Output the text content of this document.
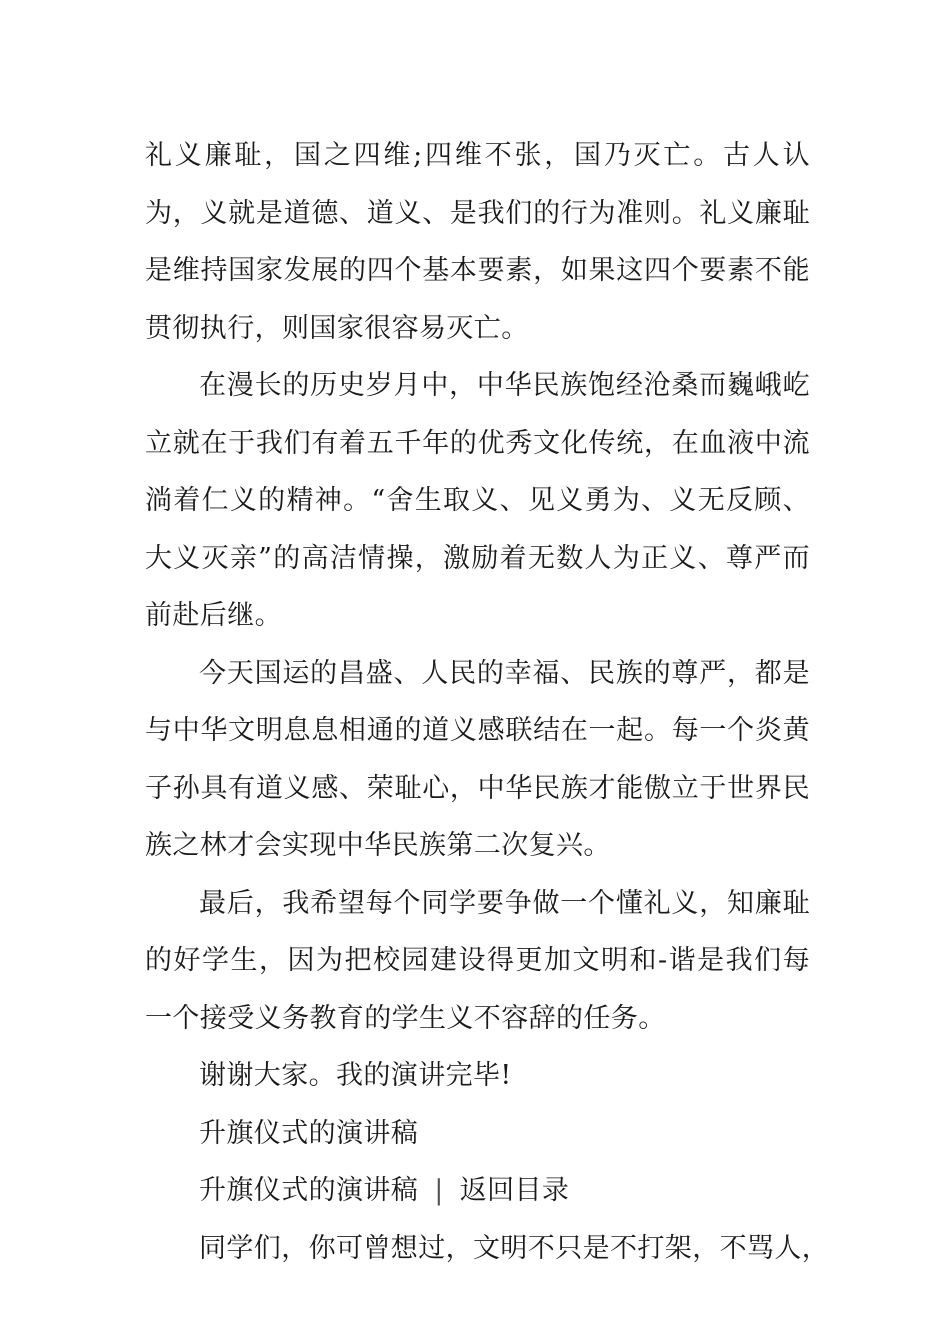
礼义廉耻，国之四维;四维不张，国乃灭亡。古人认为，义就是道德、道义、是我们的行为准则。礼义廉耻是维持国家发展的四个基本要素，如果这四个要素不能贯彻执行，则国家很容易灭亡。

在漫长的历史岁月中，中华民族饱经沧桑而巍峨屹立就在于我们有着五千年的优秀文化传统，在血液中流淌着仁义的精神。“舍生取义、见义勇为、义无反顾、大义灭亲”的高洁情操，激励着无数人为正义、尊严而前赴后继。

今天国运的昌盛、人民的幸福、民族的尊严，都是与中华文明息息相通的道义感联结在一起。每一个炎黄子孙具有道义感、荣耻心，中华民族才能傲立于世界民族之林才会实现中华民族第二次复兴。

最后，我希望每个同学要争做一个懂礼义，知廉耻的好学生，因为把校园建设得更加文明和-谐是我们每一个接受义务教育的学生义不容辞的任务。

谢谢大家。我的演讲完毕!

升旗仪式的演讲稿

升旗仪式的演讲稿 | 返回目录

同学们，你可曾想过，文明不只是不打架，不骂人，
